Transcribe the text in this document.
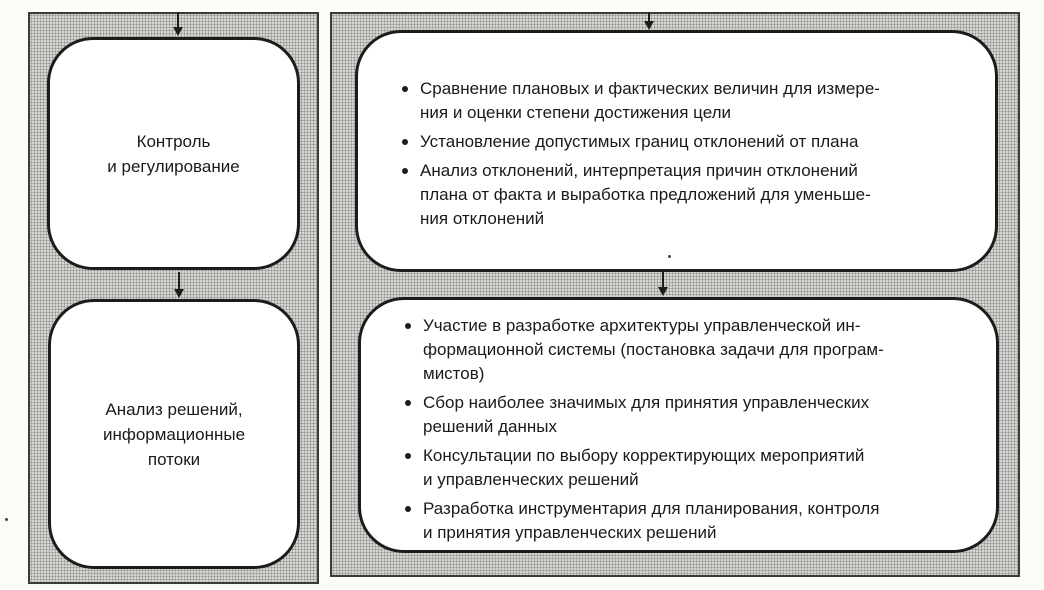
Контроль
и регулирование
Анализ решений,
информационные
потоки
Сравнение плановых и фактических величин для измере-
ния и оценки степени достижения цели
Установление допустимых границ отклонений от плана
Анализ отклонений, интерпретация причин отклонений
плана от факта и выработка предложений для уменьше-
ния отклонений
Участие в разработке архитектуры управленческой ин-
формационной системы (постановка задачи для програм-
мистов)
Сбор наиболее значимых для принятия управленческих
решений данных
Консультации по выбору корректирующих мероприятий
и управленческих решений
Разработка инструментария для планирования, контроля
и принятия управленческих решений
